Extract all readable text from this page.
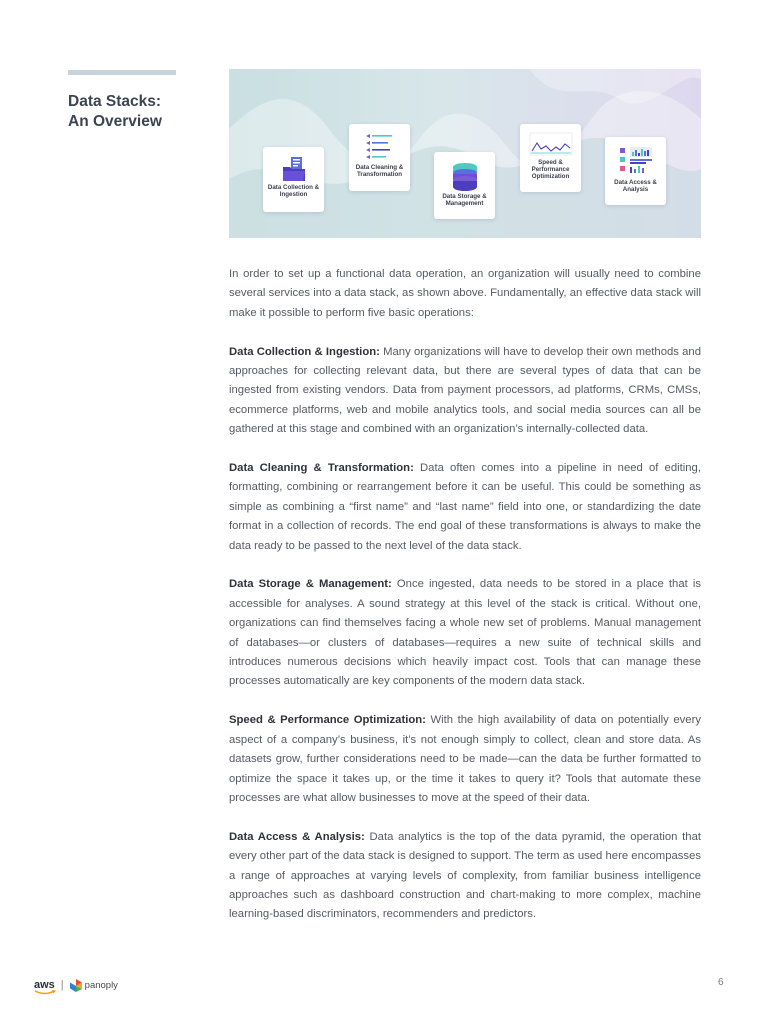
Data Stacks:
An Overview
Data Collection & Ingestion
Data Cleaning & Transformation
Data Storage & Management
Speed & Performance Optimization
Data Access & Analysis

In order to set up a functional data operation, an organization will usually need to combine several services into a data stack, as shown above. Fundamentally, an effective data stack will make it possible to perform five basic operations:

Data Collection & Ingestion: Many organizations will have to develop their own methods and approaches for collecting relevant data, but there are several types of data that can be ingested from existing vendors. Data from payment processors, ad platforms, CRMs, CMSs, ecommerce platforms, web and mobile analytics tools, and social media sources can all be gathered at this stage and combined with an organization’s internally-collected data.

Data Cleaning & Transformation: Data often comes into a pipeline in need of editing, formatting, combining or rearrangement before it can be useful. This could be something as simple as combining a “first name” and “last name” field into one, or standardizing the date format in a collection of records. The end goal of these transformations is always to make the data ready to be passed to the next level of the data stack.

Data Storage & Management: Once ingested, data needs to be stored in a place that is accessible for analyses. A sound strategy at this level of the stack is critical. Without one, organizations can find themselves facing a whole new set of problems. Manual management of databases—or clusters of databases—requires a new suite of technical skills and introduces numerous decisions which heavily impact cost. Tools that can manage these processes automatically are key components of the modern data stack.

Speed & Performance Optimization: With the high availability of data on potentially every aspect of a company’s business, it’s not enough simply to collect, clean and store data. As datasets grow, further considerations need to be made—can the data be further formatted to optimize the space it takes up, or the time it takes to query it? Tools that automate these processes are what allow businesses to move at the speed of their data.

Data Access & Analysis: Data analytics is the top of the data pyramid, the operation that every other part of the data stack is designed to support. The term as used here encompasses a range of approaches at varying levels of complexity, from familiar business intelligence approaches such as dashboard construction and chart-making to more complex, machine learning-based discriminators, recommenders and predictors.

aws | panoply	6
